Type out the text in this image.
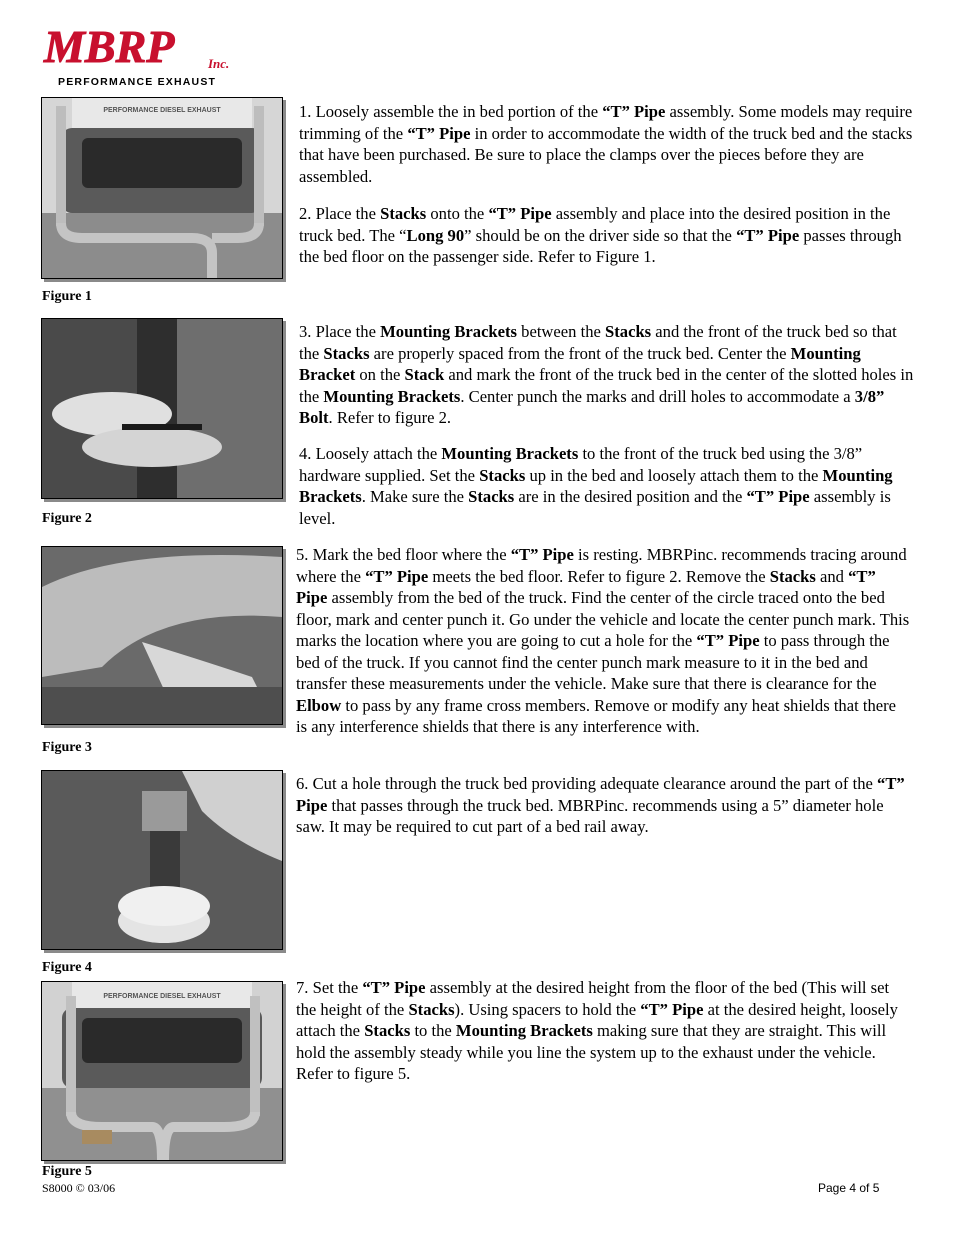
MBRP	Inc.
PERFORMANCE EXHAUST
PERFORMANCE DIESEL EXHAUST
Figure 1
Figure 2
Figure 3
Figure 4
PERFORMANCE DIESEL EXHAUST
Figure 5
1. Loosely assemble the in bed portion of the “T” Pipe assembly. Some models may require trimming of the “T” Pipe in order to accommodate the width of the truck bed and the stacks that have been purchased. Be sure to place the clamps over the pieces before they are assembled.
2. Place the Stacks onto the “T” Pipe assembly and place into the desired position in the truck bed. The “Long 90” should be on the driver side so that the “T” Pipe passes through the bed floor on the passenger side. Refer to Figure 1.
3. Place the Mounting Brackets between the Stacks and the front of the truck bed so that the Stacks are properly spaced from the front of the truck bed. Center the Mounting Bracket on the Stack and mark the front of the truck bed in the center of the slotted holes in the Mounting Brackets. Center punch the marks and drill holes to accommodate a 3/8” Bolt. Refer to figure 2.
4. Loosely attach the Mounting Brackets to the front of the truck bed using the 3/8” hardware supplied. Set the Stacks up in the bed and loosely attach them to the Mounting Brackets. Make sure the Stacks are in the desired position and the “T” Pipe assembly is level.
5. Mark the bed floor where the “T” Pipe is resting. MBRPinc. recommends tracing around where the “T” Pipe meets the bed floor. Refer to figure 2. Remove the Stacks and “T” Pipe assembly from the bed of the truck. Find the center of the circle traced onto the bed floor, mark and center punch it. Go under the vehicle and locate the center punch mark. This marks the location where you are going to cut a hole for the “T” Pipe to pass through the bed of the truck. If you cannot find the center punch mark measure to it in the bed and transfer these measurements under the vehicle. Make sure that there is clearance for the Elbow to pass by any frame cross members. Remove or modify any heat shields that there is any interference shields that there is any interference with.
6. Cut a hole through the truck bed providing adequate clearance around the part of the “T” Pipe that passes through the truck bed. MBRPinc. recommends using a 5” diameter hole saw. It may be required to cut part of a bed rail away.
7. Set the “T” Pipe assembly at the desired height from the floor of the bed (This will set the height of the Stacks). Using spacers to hold the “T” Pipe at the desired height, loosely attach the Stacks to the Mounting Brackets making sure that they are straight. This will hold the assembly steady while you line the system up to the exhaust under the vehicle. Refer to figure 5.
S8000 © 03/06	Page 4 of 5
